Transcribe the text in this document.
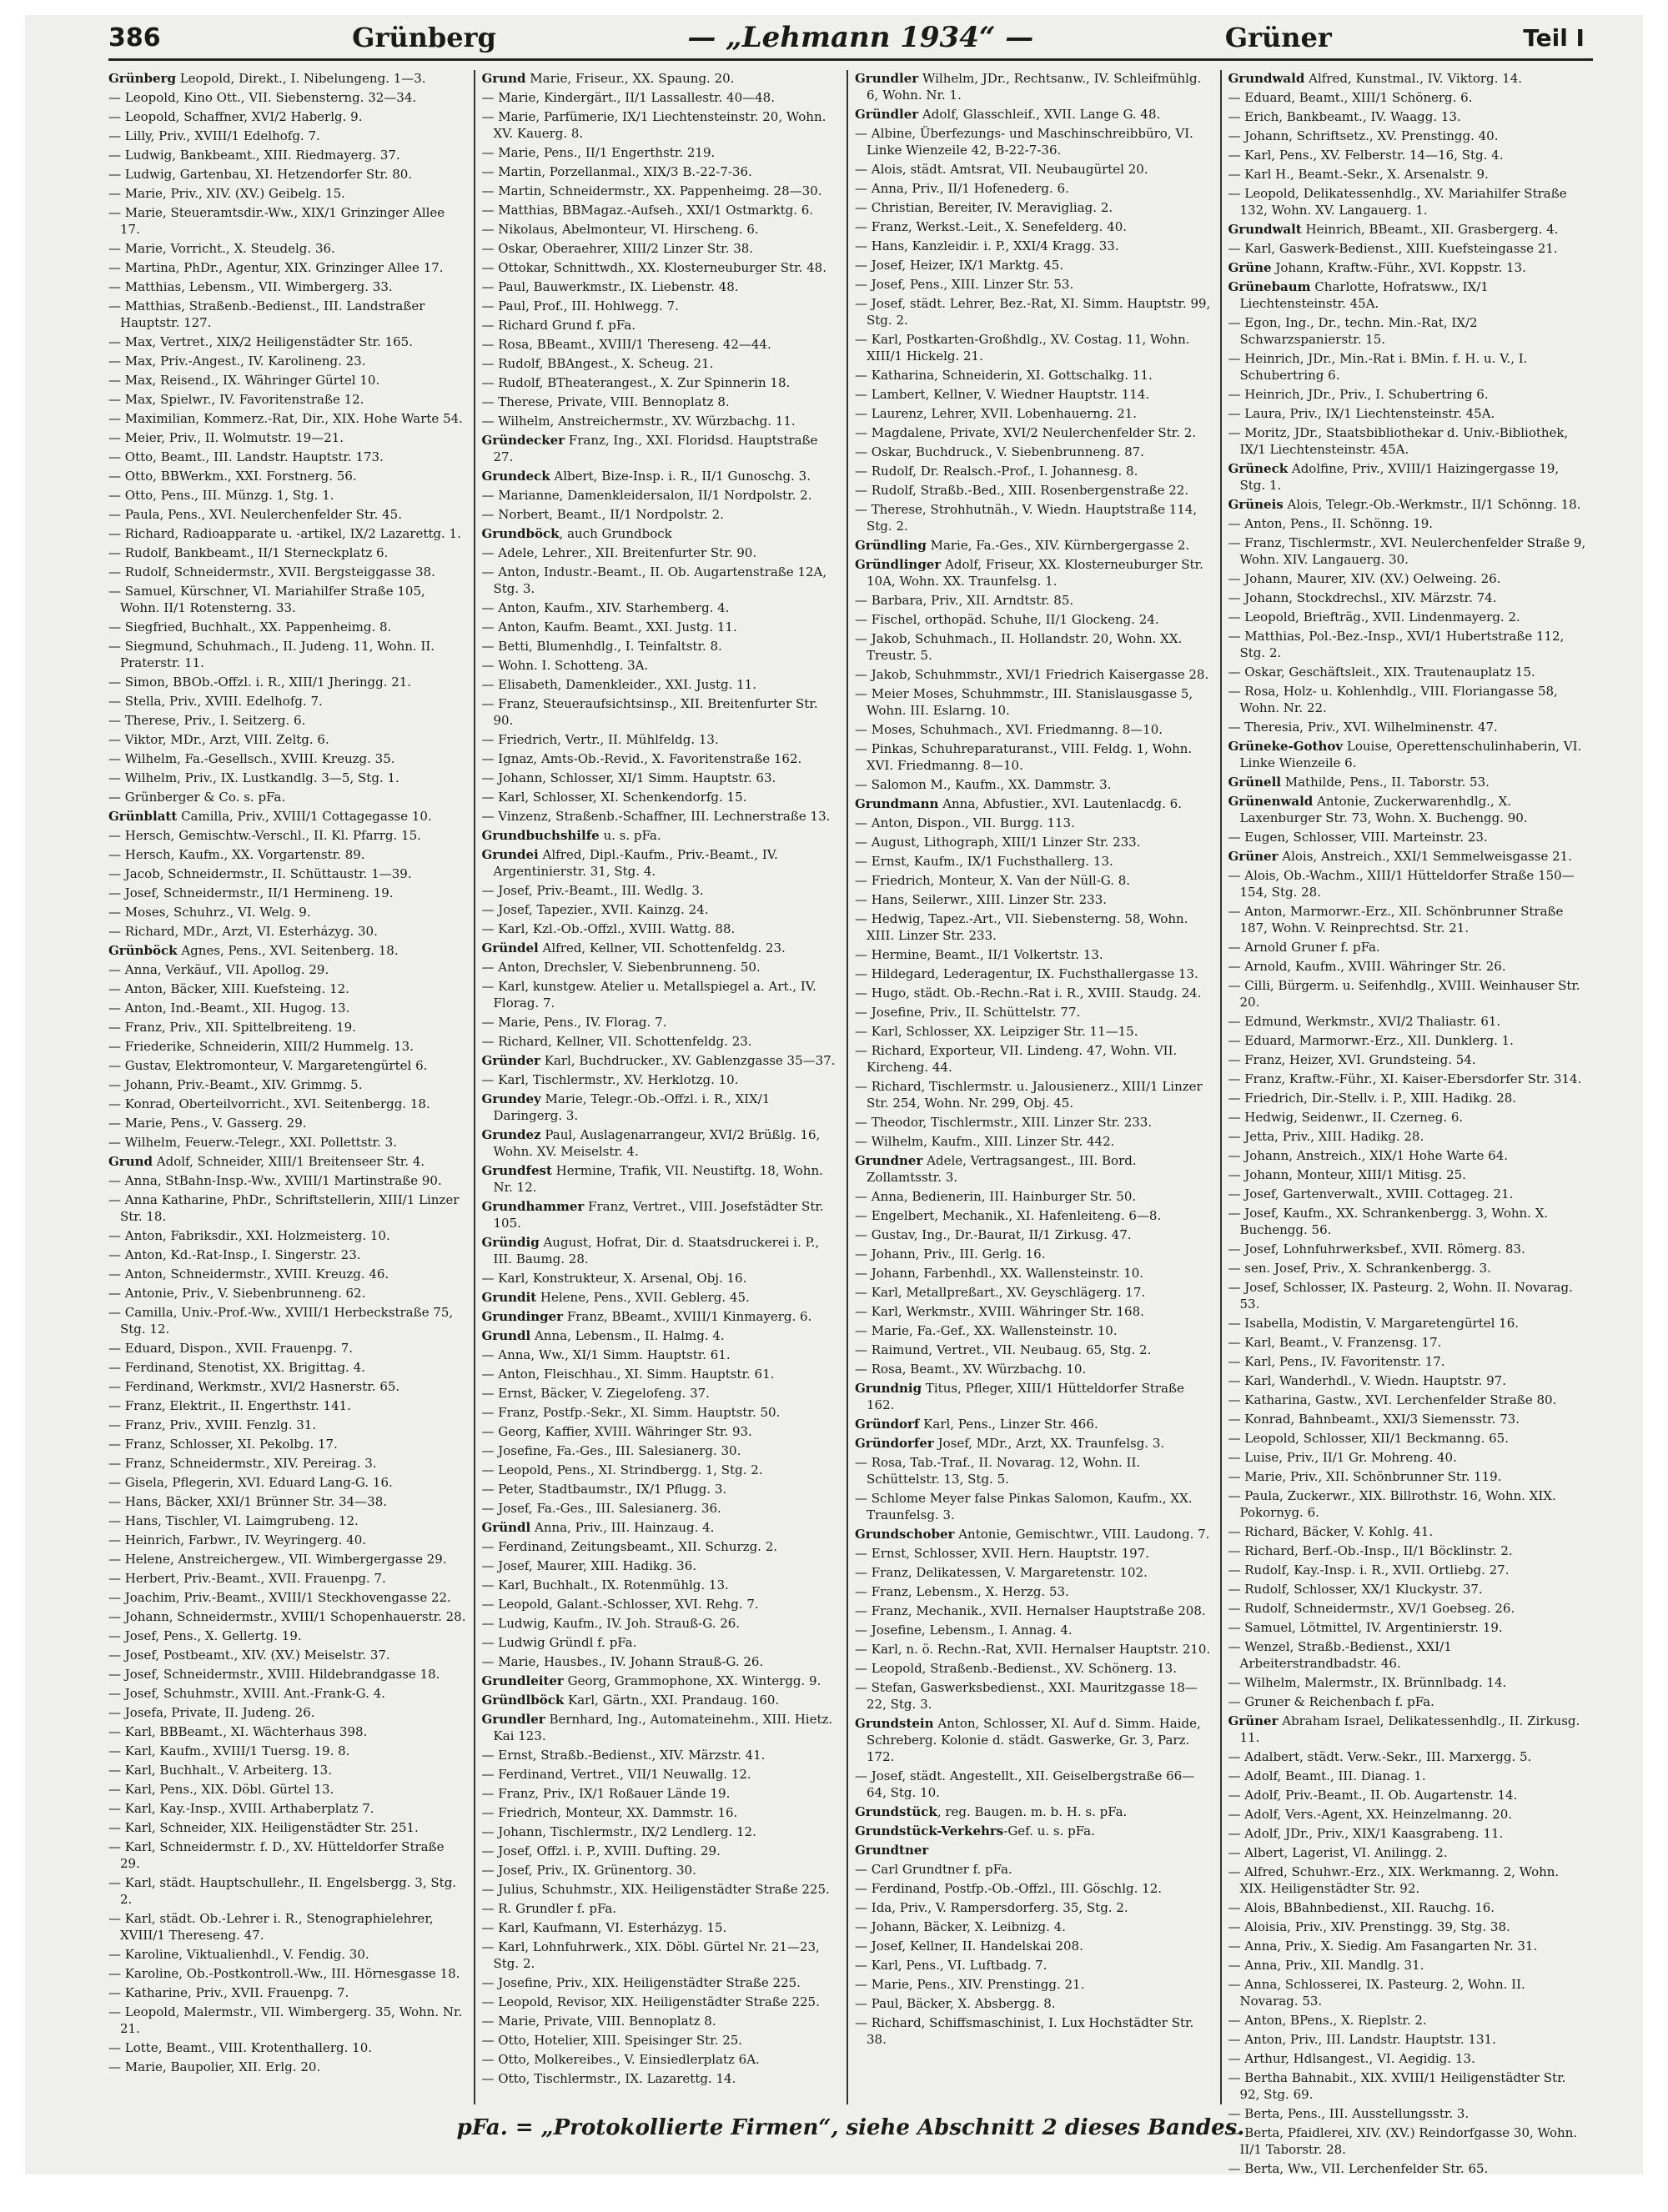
386	Grünberg	— „Lehmann 1934“ —	Grüner	Teil I
Grünberg Leopold, Direkt., I. Nibelungeng. 1—3.
— Leopold, Kino Ott., VII. Siebensterng. 32—34.
— Leopold, Schaffner, XVI/2 Haberlg. 9.
— Lilly, Priv., XVIII/1 Edelhofg. 7.
— Ludwig, Bankbeamt., XIII. Riedmayerg. 37.
— Ludwig, Gartenbau, XI. Hetzendorfer Str. 80.
— Marie, Priv., XIV. (XV.) Geibelg. 15.
— Marie, Steueramtsdir.-Ww., XIX/1 Grinzinger Allee 17.
— Marie, Vorricht., X. Steudelg. 36.
— Martina, PhDr., Agentur, XIX. Grinzinger Allee 17.
— Matthias, Lebensm., VII. Wimbergerg. 33.
— Matthias, Straßenb.-Bedienst., III. Landstraßer Hauptstr. 127.
— Max, Vertret., XIX/2 Heiligenstädter Str. 165.
— Max, Priv.-Angest., IV. Karolineng. 23.
— Max, Reisend., IX. Währinger Gürtel 10.
— Max, Spielwr., IV. Favoritenstraße 12.
— Maximilian, Kommerz.-Rat, Dir., XIX. Hohe Warte 54.
— Meier, Priv., II. Wolmutstr. 19—21.
— Otto, Beamt., III. Landstr. Hauptstr. 173.
— Otto, BBWerkm., XXI. Forstnerg. 56.
— Otto, Pens., III. Münzg. 1, Stg. 1.
— Paula, Pens., XVI. Neulerchenfelder Str. 45.
— Richard, Radioapparate u. -artikel, IX/2 Lazarettg. 1.
— Rudolf, Bankbeamt., II/1 Sterneckplatz 6.
— Rudolf, Schneidermstr., XVII. Bergsteiggasse 38.
— Samuel, Kürschner, VI. Mariahilfer Straße 105, Wohn. II/1 Rotensterng. 33.
— Siegfried, Buchhalt., XX. Pappenheimg. 8.
— Siegmund, Schuhmach., II. Judeng. 11, Wohn. II. Praterstr. 11.
— Simon, BBOb.-Offzl. i. R., XIII/1 Jheringg. 21.
— Stella, Priv., XVIII. Edelhofg. 7.
— Therese, Priv., I. Seitzerg. 6.
— Viktor, MDr., Arzt, VIII. Zeltg. 6.
— Wilhelm, Fa.-Gesellsch., XVIII. Kreuzg. 35.
— Wilhelm, Priv., IX. Lustkandlg. 3—5, Stg. 1.
— Grünberger & Co. s. pFa.
Grünblatt Camilla, Priv., XVIII/1 Cottagegasse 10.
— Hersch, Gemischtw.-Verschl., II. Kl. Pfarrg. 15.
— Hersch, Kaufm., XX. Vorgartenstr. 89.
— Jacob, Schneidermstr., II. Schüttaustr. 1—39.
— Josef, Schneidermstr., II/1 Hermineng. 19.
— Moses, Schuhrz., VI. Welg. 9.
— Richard, MDr., Arzt, VI. Esterházyg. 30.
Grünböck Agnes, Pens., XVI. Seitenberg. 18.
— Anna, Verkäuf., VII. Apollog. 29.
— Anton, Bäcker, XIII. Kuefsteing. 12.
— Anton, Ind.-Beamt., XII. Hugog. 13.
— Franz, Priv., XII. Spittelbreiteng. 19.
— Friederike, Schneiderin, XIII/2 Hummelg. 13.
— Gustav, Elektromonteur, V. Margaretengürtel 6.
— Johann, Priv.-Beamt., XIV. Grimmg. 5.
— Konrad, Oberteilvorricht., XVI. Seitenbergg. 18.
— Marie, Pens., V. Gasserg. 29.
— Wilhelm, Feuerw.-Telegr., XXI. Pollettstr. 3.
Grund Adolf, Schneider, XIII/1 Breitenseer Str. 4.
— Anna, StBahn-Insp.-Ww., XVIII/1 Martinstraße 90.
— Anna Katharine, PhDr., Schriftstellerin, XIII/1 Linzer Str. 18.
— Anton, Fabriksdir., XXI. Holzmeisterg. 10.
— Anton, Kd.-Rat-Insp., I. Singerstr. 23.
— Anton, Schneidermstr., XVIII. Kreuzg. 46.
— Antonie, Priv., V. Siebenbrunneng. 62.
— Camilla, Univ.-Prof.-Ww., XVIII/1 Herbeckstraße 75, Stg. 12.
— Eduard, Dispon., XVII. Frauenpg. 7.
— Ferdinand, Stenotist, XX. Brigittag. 4.
— Ferdinand, Werkmstr., XVI/2 Hasnerstr. 65.
— Franz, Elektrit., II. Engerthstr. 141.
— Franz, Priv., XVIII. Fenzlg. 31.
— Franz, Schlosser, XI. Pekolbg. 17.
— Franz, Schneidermstr., XIV. Pereirag. 3.
— Gisela, Pflegerin, XVI. Eduard Lang-G. 16.
— Hans, Bäcker, XXI/1 Brünner Str. 34—38.
— Hans, Tischler, VI. Laimgrubeng. 12.
— Heinrich, Farbwr., IV. Weyringerg. 40.
— Helene, Anstreichergew., VII. Wimbergergasse 29.
— Herbert, Priv.-Beamt., XVII. Frauenpg. 7.
— Joachim, Priv.-Beamt., XVIII/1 Steckhovengasse 22.
— Johann, Schneidermstr., XVIII/1 Schopenhauerstr. 28.
— Josef, Pens., X. Gellertg. 19.
— Josef, Postbeamt., XIV. (XV.) Meiselstr. 37.
— Josef, Schneidermstr., XVIII. Hildebrandgasse 18.
— Josef, Schuhmstr., XVIII. Ant.-Frank-G. 4.
— Josefa, Private, II. Judeng. 26.
— Karl, BBBeamt., XI. Wächterhaus 398.
— Karl, Kaufm., XVIII/1 Tuersg. 19. 8.
— Karl, Buchhalt., V. Arbeiterg. 13.
— Karl, Pens., XIX. Döbl. Gürtel 13.
— Karl, Kay.-Insp., XVIII. Arthaberplatz 7.
— Karl, Schneider, XIX. Heiligenstädter Str. 251.
— Karl, Schneidermstr. f. D., XV. Hütteldorfer Straße 29.
— Karl, städt. Hauptschullehr., II. Engelsbergg. 3, Stg. 2.
— Karl, städt. Ob.-Lehrer i. R., Stenographielehrer, XVIII/1 Thereseng. 47.
— Karoline, Viktualienhdl., V. Fendig. 30.
— Karoline, Ob.-Postkontroll.-Ww., III. Hörnesgasse 18.
— Katharine, Priv., XVII. Frauenpg. 7.
— Leopold, Malermstr., VII. Wimbergerg. 35, Wohn. Nr. 21.
— Lotte, Beamt., VIII. Krotenthallerg. 10.
— Marie, Baupolier, XII. Erlg. 20.
Grund Marie, Friseur., XX. Spaung. 20.
— Marie, Kindergärt., II/1 Lassallestr. 40—48.
— Marie, Parfümerie, IX/1 Liechtensteinstr. 20, Wohn. XV. Kauerg. 8.
— Marie, Pens., II/1 Engerthstr. 219.
— Martin, Porzellanmal., XIX/3 B.-22-7-36.
— Martin, Schneidermstr., XX. Pappenheimg. 28—30.
— Matthias, BBMagaz.-Aufseh., XXI/1 Ostmarktg. 6.
— Nikolaus, Abelmonteur, VI. Hirscheng. 6.
— Oskar, Oberaehrer, XIII/2 Linzer Str. 38.
— Ottokar, Schnittwdh., XX. Klosterneuburger Str. 48.
— Paul, Bauwerkmstr., IX. Liebenstr. 48.
— Paul, Prof., III. Hohlwegg. 7.
— Richard Grund f. pFa.
— Rosa, BBeamt., XVIII/1 Thereseng. 42—44.
— Rudolf, BBAngest., X. Scheug. 21.
— Rudolf, BTheaterangest., X. Zur Spinnerin 18.
— Therese, Private, VIII. Bennoplatz 8.
— Wilhelm, Anstreichermstr., XV. Würzbachg. 11.
Gründecker Franz, Ing., XXI. Floridsd. Hauptstraße 27.
Grundeck Albert, Bize-Insp. i. R., II/1 Gunoschg. 3.
— Marianne, Damenkleidersalon, II/1 Nordpolstr. 2.
— Norbert, Beamt., II/1 Nordpolstr. 2.
Grundböck, auch Grundbock
— Adele, Lehrer., XII. Breitenfurter Str. 90.
— Anton, Industr.-Beamt., II. Ob. Augartenstraße 12A, Stg. 3.
— Anton, Kaufm., XIV. Starhemberg. 4.
— Anton, Kaufm. Beamt., XXI. Justg. 11.
— Betti, Blumenhdlg., I. Teinfaltstr. 8.
— Wohn. I. Schotteng. 3A.
— Elisabeth, Damenkleider., XXI. Justg. 11.
— Franz, Steueraufsichtsinsp., XII. Breitenfurter Str. 90.
— Friedrich, Vertr., II. Mühlfeldg. 13.
— Ignaz, Amts-Ob.-Revid., X. Favoritenstraße 162.
— Johann, Schlosser, XI/1 Simm. Hauptstr. 63.
— Karl, Schlosser, XI. Schenkendorfg. 15.
— Vinzenz, Straßenb.-Schaffner, III. Lechnerstraße 13.
Grundbuchshilfe u. s. pFa.
Grundei Alfred, Dipl.-Kaufm., Priv.-Beamt., IV. Argentinierstr. 31, Stg. 4.
— Josef, Priv.-Beamt., III. Wedlg. 3.
— Josef, Tapezier., XVII. Kainzg. 24.
— Karl, Kzl.-Ob.-Offzl., XVIII. Wattg. 88.
Gründel Alfred, Kellner, VII. Schottenfeldg. 23.
— Anton, Drechsler, V. Siebenbrunneng. 50.
— Karl, kunstgew. Atelier u. Metallspiegel a. Art., IV. Florag. 7.
— Marie, Pens., IV. Florag. 7.
— Richard, Kellner, VII. Schottenfeldg. 23.
Gründer Karl, Buchdrucker., XV. Gablenzgasse 35—37.
— Karl, Tischlermstr., XV. Herklotzg. 10.
Grundey Marie, Telegr.-Ob.-Offzl. i. R., XIX/1 Daringerg. 3.
Grundez Paul, Auslagenarrangeur, XVI/2 Brüßlg. 16, Wohn. XV. Meiselstr. 4.
Grundfest Hermine, Trafik, VII. Neustiftg. 18, Wohn. Nr. 12.
Grundhammer Franz, Vertret., VIII. Josefstädter Str. 105.
Gründig August, Hofrat, Dir. d. Staatsdruckerei i. P., III. Baumg. 28.
— Karl, Konstrukteur, X. Arsenal, Obj. 16.
Grundit Helene, Pens., XVII. Geblerg. 45.
Grundinger Franz, BBeamt., XVIII/1 Kinmayerg. 6.
Grundl Anna, Lebensm., II. Halmg. 4.
— Anna, Ww., XI/1 Simm. Hauptstr. 61.
— Anton, Fleischhau., XI. Simm. Hauptstr. 61.
— Ernst, Bäcker, V. Ziegelofeng. 37.
— Franz, Postfp.-Sekr., XI. Simm. Hauptstr. 50.
— Georg, Kaffier, XVIII. Währinger Str. 93.
— Josefine, Fa.-Ges., III. Salesianerg. 30.
— Leopold, Pens., XI. Strindbergg. 1, Stg. 2.
— Peter, Stadtbaumstr., IX/1 Pflugg. 3.
— Josef, Fa.-Ges., III. Salesianerg. 36.
Gründl Anna, Priv., III. Hainzaug. 4.
— Ferdinand, Zeitungsbeamt., XII. Schurzg. 2.
— Josef, Maurer, XIII. Hadikg. 36.
— Karl, Buchhalt., IX. Rotenmühlg. 13.
— Leopold, Galant.-Schlosser, XVI. Rehg. 7.
— Ludwig, Kaufm., IV. Joh. Strauß-G. 26.
— Ludwig Gründl f. pFa.
— Marie, Hausbes., IV. Johann Strauß-G. 26.
Grundleiter Georg, Grammophone, XX. Wintergg. 9.
Gründlböck Karl, Gärtn., XXI. Prandaug. 160.
Grundler Bernhard, Ing., Automateinehm., XIII. Hietz. Kai 123.
— Ernst, Straßb.-Bedienst., XIV. Märzstr. 41.
— Ferdinand, Vertret., VII/1 Neuwallg. 12.
— Franz, Priv., IX/1 Roßauer Lände 19.
— Friedrich, Monteur, XX. Dammstr. 16.
— Johann, Tischlermstr., IX/2 Lendlerg. 12.
— Josef, Offzl. i. P., XVIII. Dufting. 29.
— Josef, Priv., IX. Grünentorg. 30.
— Julius, Schuhmstr., XIX. Heiligenstädter Straße 225.
— R. Grundler f. pFa.
— Karl, Kaufmann, VI. Esterházyg. 15.
— Karl, Lohnfuhrwerk., XIX. Döbl. Gürtel Nr. 21—23, Stg. 2.
— Josefine, Priv., XIX. Heiligenstädter Straße 225.
— Leopold, Revisor, XIX. Heiligenstädter Straße 225.
— Marie, Private, VIII. Bennoplatz 8.
— Otto, Hotelier, XIII. Speisinger Str. 25.
— Otto, Molkereibes., V. Einsiedlerplatz 6A.
— Otto, Tischlermstr., IX. Lazarettg. 14.
Grundler Wilhelm, JDr., Rechtsanw., IV. Schleifmühlg. 6, Wohn. Nr. 1.
Gründler Adolf, Glasschleif., XVII. Lange G. 48.
— Albine, Überfezungs- und Maschinschreibbüro, VI. Linke Wienzeile 42, B-22-7-36.
— Alois, städt. Amtsrat, VII. Neubaugürtel 20.
— Anna, Priv., II/1 Hofenederg. 6.
— Christian, Bereiter, IV. Meravigliag. 2.
— Franz, Werkst.-Leit., X. Senefelderg. 40.
— Hans, Kanzleidir. i. P., XXI/4 Kragg. 33.
— Josef, Heizer, IX/1 Marktg. 45.
— Josef, Pens., XIII. Linzer Str. 53.
— Josef, städt. Lehrer, Bez.-Rat, XI. Simm. Hauptstr. 99, Stg. 2.
— Karl, Postkarten-Großhdlg., XV. Costag. 11, Wohn. XIII/1 Hickelg. 21.
— Katharina, Schneiderin, XI. Gottschalkg. 11.
— Lambert, Kellner, V. Wiedner Hauptstr. 114.
— Laurenz, Lehrer, XVII. Lobenhauerng. 21.
— Magdalene, Private, XVI/2 Neulerchenfelder Str. 2.
— Oskar, Buchdruck., V. Siebenbrunneng. 87.
— Rudolf, Dr. Realsch.-Prof., I. Johannesg. 8.
— Rudolf, Straßb.-Bed., XIII. Rosenbergenstraße 22.
— Therese, Strohhutnäh., V. Wiedn. Hauptstraße 114, Stg. 2.
Gründling Marie, Fa.-Ges., XIV. Kürnbergergasse 2.
Gründlinger Adolf, Friseur, XX. Klosterneuburger Str. 10A, Wohn. XX. Traunfelsg. 1.
— Barbara, Priv., XII. Arndtstr. 85.
— Fischel, orthopäd. Schuhe, II/1 Glockeng. 24.
— Jakob, Schuhmach., II. Hollandstr. 20, Wohn. XX. Treustr. 5.
— Jakob, Schuhmmstr., XVI/1 Friedrich Kaisergasse 28.
— Meier Moses, Schuhmmstr., III. Stanislausgasse 5, Wohn. III. Eslarng. 10.
— Moses, Schuhmach., XVI. Friedmanng. 8—10.
— Pinkas, Schuhreparaturanst., VIII. Feldg. 1, Wohn. XVI. Friedmanng. 8—10.
— Salomon M., Kaufm., XX. Dammstr. 3.
Grundmann Anna, Abfustier., XVI. Lautenlacdg. 6.
— Anton, Dispon., VII. Burgg. 113.
— August, Lithograph, XIII/1 Linzer Str. 233.
— Ernst, Kaufm., IX/1 Fuchsthallerg. 13.
— Friedrich, Monteur, X. Van der Nüll-G. 8.
— Hans, Seilerwr., XIII. Linzer Str. 233.
— Hedwig, Tapez.-Art., VII. Siebensterng. 58, Wohn. XIII. Linzer Str. 233.
— Hermine, Beamt., II/1 Volkertstr. 13.
— Hildegard, Lederagentur, IX. Fuchsthallergasse 13.
— Hugo, städt. Ob.-Rechn.-Rat i. R., XVIII. Staudg. 24.
— Josefine, Priv., II. Schüttelstr. 77.
— Karl, Schlosser, XX. Leipziger Str. 11—15.
— Richard, Exporteur, VII. Lindeng. 47, Wohn. VII. Kircheng. 44.
— Richard, Tischlermstr. u. Jalousienerz., XIII/1 Linzer Str. 254, Wohn. Nr. 299, Obj. 45.
— Theodor, Tischlermstr., XIII. Linzer Str. 233.
— Wilhelm, Kaufm., XIII. Linzer Str. 442.
Grundner Adele, Vertragsangest., III. Bord. Zollamtsstr. 3.
— Anna, Bedienerin, III. Hainburger Str. 50.
— Engelbert, Mechanik., XI. Hafenleiteng. 6—8.
— Gustav, Ing., Dr.-Baurat, II/1 Zirkusg. 47.
— Johann, Priv., III. Gerlg. 16.
— Johann, Farbenhdl., XX. Wallensteinstr. 10.
— Karl, Metallpreßart., XV. Geyschlägerg. 17.
— Karl, Werkmstr., XVIII. Währinger Str. 168.
— Marie, Fa.-Gef., XX. Wallensteinstr. 10.
— Raimund, Vertret., VII. Neubaug. 65, Stg. 2.
— Rosa, Beamt., XV. Würzbachg. 10.
Grundnig Titus, Pfleger, XIII/1 Hütteldorfer Straße 162.
Gründorf Karl, Pens., Linzer Str. 466.
Gründorfer Josef, MDr., Arzt, XX. Traunfelsg. 3.
— Rosa, Tab.-Traf., II. Novarag. 12, Wohn. II. Schüttelstr. 13, Stg. 5.
— Schlome Meyer false Pinkas Salomon, Kaufm., XX. Traunfelsg. 3.
Grundschober Antonie, Gemischtwr., VIII. Laudong. 7.
— Ernst, Schlosser, XVII. Hern. Hauptstr. 197.
— Franz, Delikatessen, V. Margaretenstr. 102.
— Franz, Lebensm., X. Herzg. 53.
— Franz, Mechanik., XVII. Hernalser Hauptstraße 208.
— Josefine, Lebensm., I. Annag. 4.
— Karl, n. ö. Rechn.-Rat, XVII. Hernalser Hauptstr. 210.
— Leopold, Straßenb.-Bedienst., XV. Schönerg. 13.
— Stefan, Gaswerksbedienst., XXI. Mauritzgasse 18—22, Stg. 3.
Grundstein Anton, Schlosser, XI. Auf d. Simm. Haide, Schreberg. Kolonie d. städt. Gaswerke, Gr. 3, Parz. 172.
— Josef, städt. Angestellt., XII. Geiselbergstraße 66—64, Stg. 10.
Grundstück, reg. Baugen. m. b. H. s. pFa.
Grundstück-Verkehrs-Gef. u. s. pFa.
Grundtner
— Carl Grundtner f. pFa.
— Ferdinand, Postfp.-Ob.-Offzl., III. Göschlg. 12.
— Ida, Priv., V. Rampersdorferg. 35, Stg. 2.
— Johann, Bäcker, X. Leibnizg. 4.
— Josef, Kellner, II. Handelskai 208.
— Karl, Pens., VI. Luftbadg. 7.
— Marie, Pens., XIV. Prenstingg. 21.
— Paul, Bäcker, X. Absbergg. 8.
— Richard, Schiffsmaschinist, I. Lux Hochstädter Str. 38.
Grundwald Alfred, Kunstmal., IV. Viktorg. 14.
— Eduard, Beamt., XIII/1 Schönerg. 6.
— Erich, Bankbeamt., IV. Waagg. 13.
— Johann, Schriftsetz., XV. Prenstingg. 40.
— Karl, Pens., XV. Felberstr. 14—16, Stg. 4.
— Karl H., Beamt.-Sekr., X. Arsenalstr. 9.
— Leopold, Delikatessenhdlg., XV. Mariahilfer Straße 132, Wohn. XV. Langauerg. 1.
Grundwalt Heinrich, BBeamt., XII. Grasbergerg. 4.
— Karl, Gaswerk-Bedienst., XIII. Kuefsteingasse 21.
Grüne Johann, Kraftw.-Führ., XVI. Koppstr. 13.
Grünebaum Charlotte, Hofratsww., IX/1 Liechtensteinstr. 45A.
— Egon, Ing., Dr., techn. Min.-Rat, IX/2 Schwarzspanierstr. 15.
— Heinrich, JDr., Min.-Rat i. BMin. f. H. u. V., I. Schubertring 6.
— Heinrich, JDr., Priv., I. Schubertring 6.
— Laura, Priv., IX/1 Liechtensteinstr. 45A.
— Moritz, JDr., Staatsbibliothekar d. Univ.-Bibliothek, IX/1 Liechtensteinstr. 45A.
Grüneck Adolfine, Priv., XVIII/1 Haizingergasse 19, Stg. 1.
Grüneis Alois, Telegr.-Ob.-Werkmstr., II/1 Schönng. 18.
— Anton, Pens., II. Schönng. 19.
— Franz, Tischlermstr., XVI. Neulerchenfelder Straße 9, Wohn. XIV. Langauerg. 30.
— Johann, Maurer, XIV. (XV.) Oelweing. 26.
— Johann, Stockdrechsl., XIV. Märzstr. 74.
— Leopold, Briefträg., XVII. Lindenmayerg. 2.
— Matthias, Pol.-Bez.-Insp., XVI/1 Hubertstraße 112, Stg. 2.
— Oskar, Geschäftsleit., XIX. Trautenauplatz 15.
— Rosa, Holz- u. Kohlenhdlg., VIII. Floriangasse 58, Wohn. Nr. 22.
— Theresia, Priv., XVI. Wilhelminenstr. 47.
Grüneke-Gothov Louise, Operettenschulinhaberin, VI. Linke Wienzeile 6.
Grünell Mathilde, Pens., II. Taborstr. 53.
Grünenwald Antonie, Zuckerwarenhdlg., X. Laxenburger Str. 73, Wohn. X. Buchengg. 90.
— Eugen, Schlosser, VIII. Marteinstr. 23.
Grüner Alois, Anstreich., XXI/1 Semmelweisgasse 21.
— Alois, Ob.-Wachm., XIII/1 Hütteldorfer Straße 150—154, Stg. 28.
— Anton, Marmorwr.-Erz., XII. Schönbrunner Straße 187, Wohn. V. Reinprechtsd. Str. 21.
— Arnold Gruner f. pFa.
— Arnold, Kaufm., XVIII. Währinger Str. 26.
— Cilli, Bürgerm. u. Seifenhdlg., XVIII. Weinhauser Str. 20.
— Edmund, Werkmstr., XVI/2 Thaliastr. 61.
— Eduard, Marmorwr.-Erz., XII. Dunklerg. 1.
— Franz, Heizer, XVI. Grundsteing. 54.
— Franz, Kraftw.-Führ., XI. Kaiser-Ebersdorfer Str. 314.
— Friedrich, Dir.-Stellv. i. P., XIII. Hadikg. 28.
— Hedwig, Seidenwr., II. Czerneg. 6.
— Jetta, Priv., XIII. Hadikg. 28.
— Johann, Anstreich., XIX/1 Hohe Warte 64.
— Johann, Monteur, XIII/1 Mitisg. 25.
— Josef, Gartenverwalt., XVIII. Cottageg. 21.
— Josef, Kaufm., XX. Schrankenbergg. 3, Wohn. X. Buchengg. 56.
— Josef, Lohnfuhrwerksbef., XVII. Römerg. 83.
— sen. Josef, Priv., X. Schrankenbergg. 3.
— Josef, Schlosser, IX. Pasteurg. 2, Wohn. II. Novarag. 53.
— Isabella, Modistin, V. Margaretengürtel 16.
— Karl, Beamt., V. Franzensg. 17.
— Karl, Pens., IV. Favoritenstr. 17.
— Karl, Wanderhdl., V. Wiedn. Hauptstr. 97.
— Katharina, Gastw., XVI. Lerchenfelder Straße 80.
— Konrad, Bahnbeamt., XXI/3 Siemensstr. 73.
— Leopold, Schlosser, XII/1 Beckmanng. 65.
— Luise, Priv., II/1 Gr. Mohreng. 40.
— Marie, Priv., XII. Schönbrunner Str. 119.
— Paula, Zuckerwr., XIX. Billrothstr. 16, Wohn. XIX. Pokornyg. 6.
— Richard, Bäcker, V. Kohlg. 41.
— Richard, Berf.-Ob.-Insp., II/1 Böcklinstr. 2.
— Rudolf, Kay.-Insp. i. R., XVII. Ortliebg. 27.
— Rudolf, Schlosser, XX/1 Kluckystr. 37.
— Rudolf, Schneidermstr., XV/1 Goebseg. 26.
— Samuel, Lötmittel, IV. Argentinierstr. 19.
— Wenzel, Straßb.-Bedienst., XXI/1 Arbeiterstrandbadstr. 46.
— Wilhelm, Malermstr., IX. Brünnlbadg. 14.
— Gruner & Reichenbach f. pFa.
Grüner Abraham Israel, Delikatessenhdlg., II. Zirkusg. 11.
— Adalbert, städt. Verw.-Sekr., III. Marxergg. 5.
— Adolf, Beamt., III. Dianag. 1.
— Adolf, Priv.-Beamt., II. Ob. Augartenstr. 14.
— Adolf, Vers.-Agent, XX. Heinzelmanng. 20.
— Adolf, JDr., Priv., XIX/1 Kaasgrabeng. 11.
— Albert, Lagerist, VI. Anilingg. 2.
— Alfred, Schuhwr.-Erz., XIX. Werkmanng. 2, Wohn. XIX. Heiligenstädter Str. 92.
— Alois, BBahnbedienst., XII. Rauchg. 16.
— Aloisia, Priv., XIV. Prenstingg. 39, Stg. 38.
— Anna, Priv., X. Siedig. Am Fasangarten Nr. 31.
— Anna, Priv., XII. Mandlg. 31.
— Anna, Schlosserei, IX. Pasteurg. 2, Wohn. II. Novarag. 53.
— Anton, BPens., X. Rieplstr. 2.
— Anton, Priv., III. Landstr. Hauptstr. 131.
— Arthur, Hdlsangest., VI. Aegidig. 13.
— Bertha Bahnabit., XIX. XVIII/1 Heiligenstädter Str. 92, Stg. 69.
— Berta, Pens., III. Ausstellungsstr. 3.
— Berta, Pfaidlerei, XIV. (XV.) Reindorfgasse 30, Wohn. II/1 Taborstr. 28.
— Berta, Ww., VII. Lerchenfelder Str. 65.
pFa. = „Protokollierte Firmen“, siehe Abschnitt 2 dieses Bandes.
